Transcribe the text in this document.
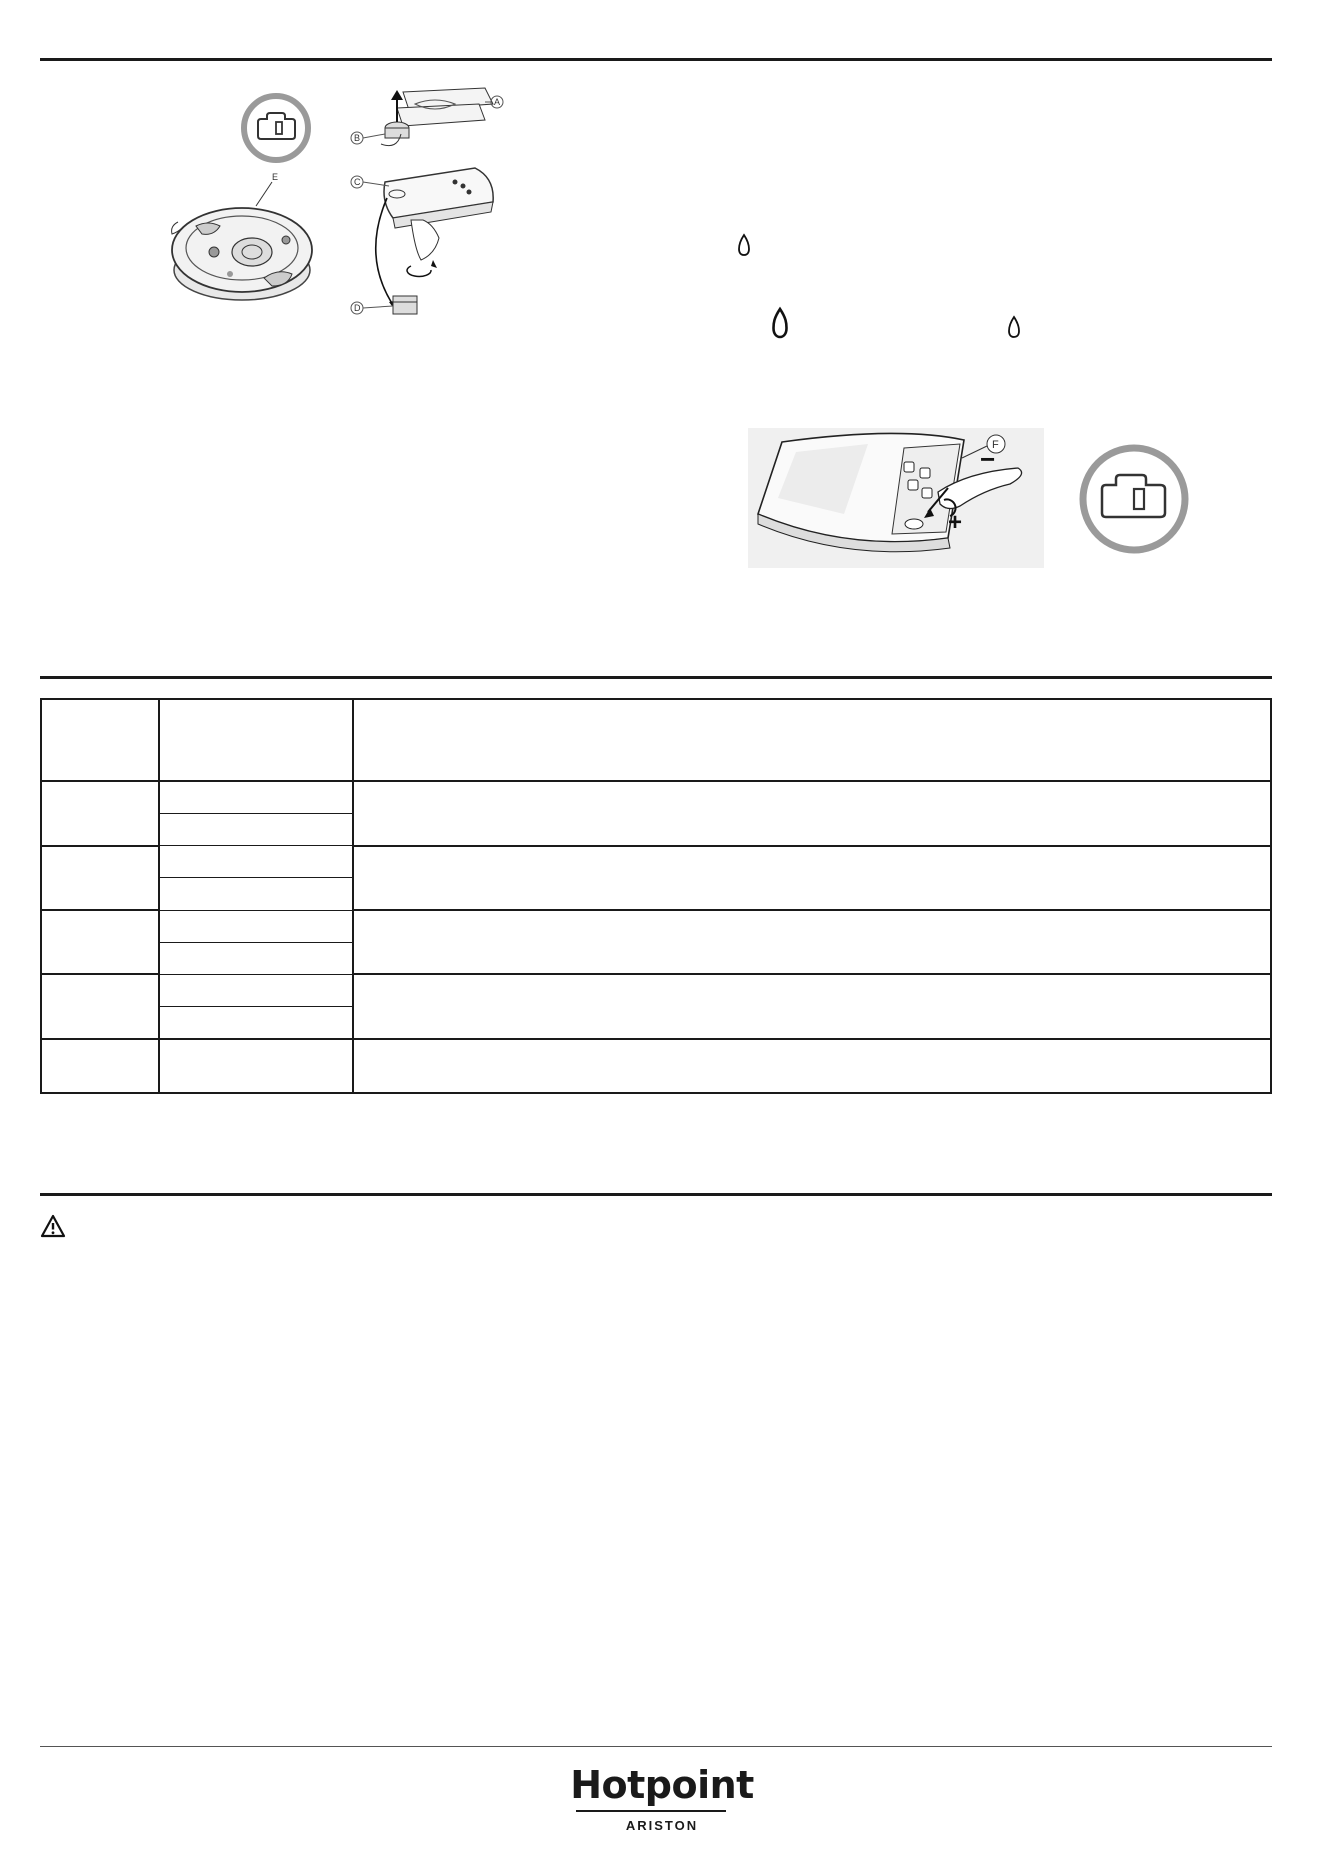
E
A
B
C
D
F
−
+

Hotpoint
ARISTON
